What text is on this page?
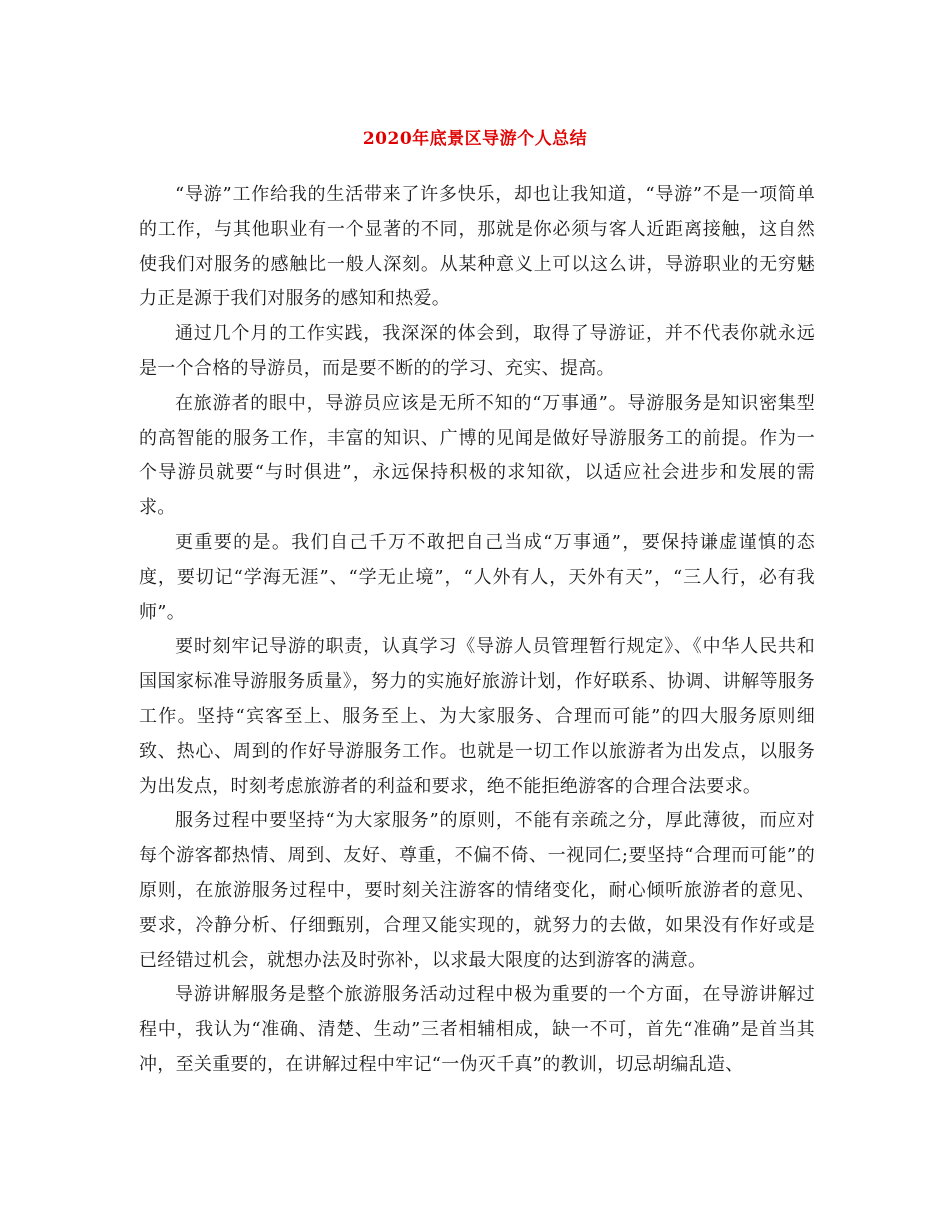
2020年底景区导游个人总结

“导游”工作给我的生活带来了许多快乐，却也让我知道，“导游”不是一项简单的工作，与其他职业有一个显著的不同，那就是你必须与客人近距离接触，这自然使我们对服务的感触比一般人深刻。从某种意义上可以这么讲，导游职业的无穷魅力正是源于我们对服务的感知和热爱。

通过几个月的工作实践，我深深的体会到，取得了导游证，并不代表你就永远是一个合格的导游员，而是要不断的的学习、充实、提高。

在旅游者的眼中，导游员应该是无所不知的“万事通”。导游服务是知识密集型的高智能的服务工作，丰富的知识、广博的见闻是做好导游服务工的前提。作为一个导游员就要“与时俱进”，永远保持积极的求知欲，以适应社会进步和发展的需求。

更重要的是。我们自己千万不敢把自己当成“万事通”，要保持谦虚谨慎的态度，要切记“学海无涯”、“学无止境”，“人外有人，天外有天”，“三人行，必有我师”。

要时刻牢记导游的职责，认真学习《导游人员管理暂行规定》、《中华人民共和国国家标准导游服务质量》，努力的实施好旅游计划，作好联系、协调、讲解等服务工作。坚持“宾客至上、服务至上、为大家服务、合理而可能”的四大服务原则细致、热心、周到的作好导游服务工作。也就是一切工作以旅游者为出发点，以服务为出发点，时刻考虑旅游者的利益和要求，绝不能拒绝游客的合理合法要求。

服务过程中要坚持“为大家服务”的原则，不能有亲疏之分，厚此薄彼，而应对每个游客都热情、周到、友好、尊重，不偏不倚、一视同仁;要坚持“合理而可能”的原则，在旅游服务过程中，要时刻关注游客的情绪变化，耐心倾听旅游者的意见、要求，冷静分析、仔细甄别，合理又能实现的，就努力的去做，如果没有作好或是已经错过机会，就想办法及时弥补，以求最大限度的达到游客的满意。

导游讲解服务是整个旅游服务活动过程中极为重要的一个方面，在导游讲解过程中，我认为“准确、清楚、生动”三者相辅相成，缺一不可，首先“准确”是首当其冲，至关重要的，在讲解过程中牢记“一伪灭千真”的教训，切忌胡编乱造、
